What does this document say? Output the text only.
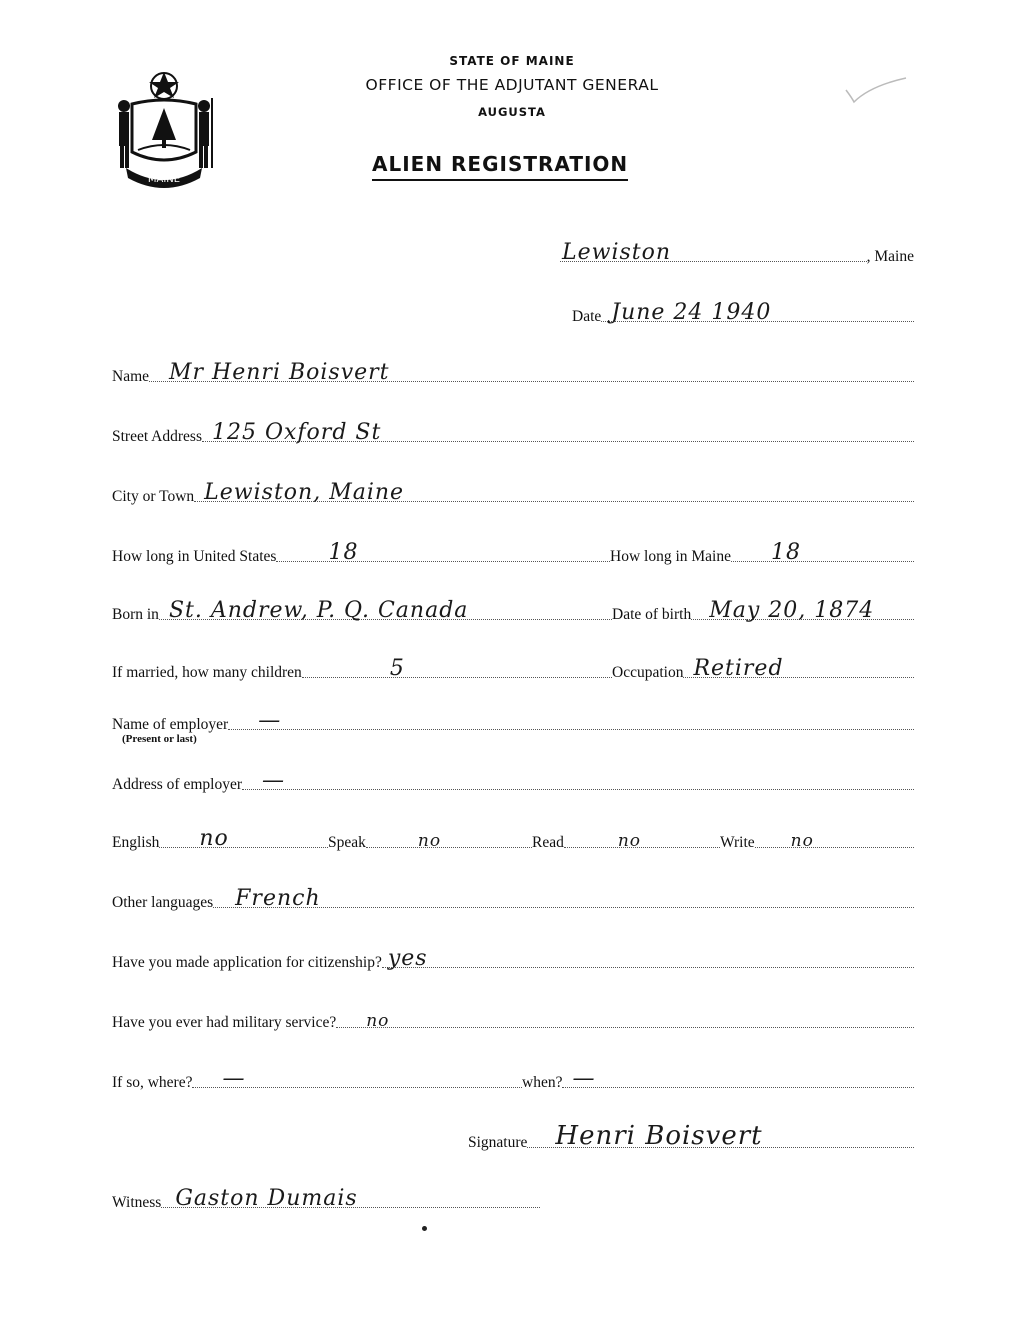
MAINE
STATE OF MAINE
OFFICE OF THE ADJUTANT GENERAL
AUGUSTA
ALIEN REGISTRATION
Lewiston	, Maine
Date June 24 1940
Name Mr Henri Boisvert
Street Address 125 Oxford St
City or Town Lewiston, Maine
How long in United States 18	How long in Maine 18
Born in St. Andrew, P. Q. Canada	Date of birth May 20, 1874
If married, how many children	5	Occupation Retired
Name of employer —
(Present or last)
Address of employer —
English no	Speak	no	Read	no	Write no
Other languages French
Have you made application for citizenship? yes
Have you ever had military service? no
If so, where? —	when? —
Signature Henri Boisvert
Witness Gaston Dumais
